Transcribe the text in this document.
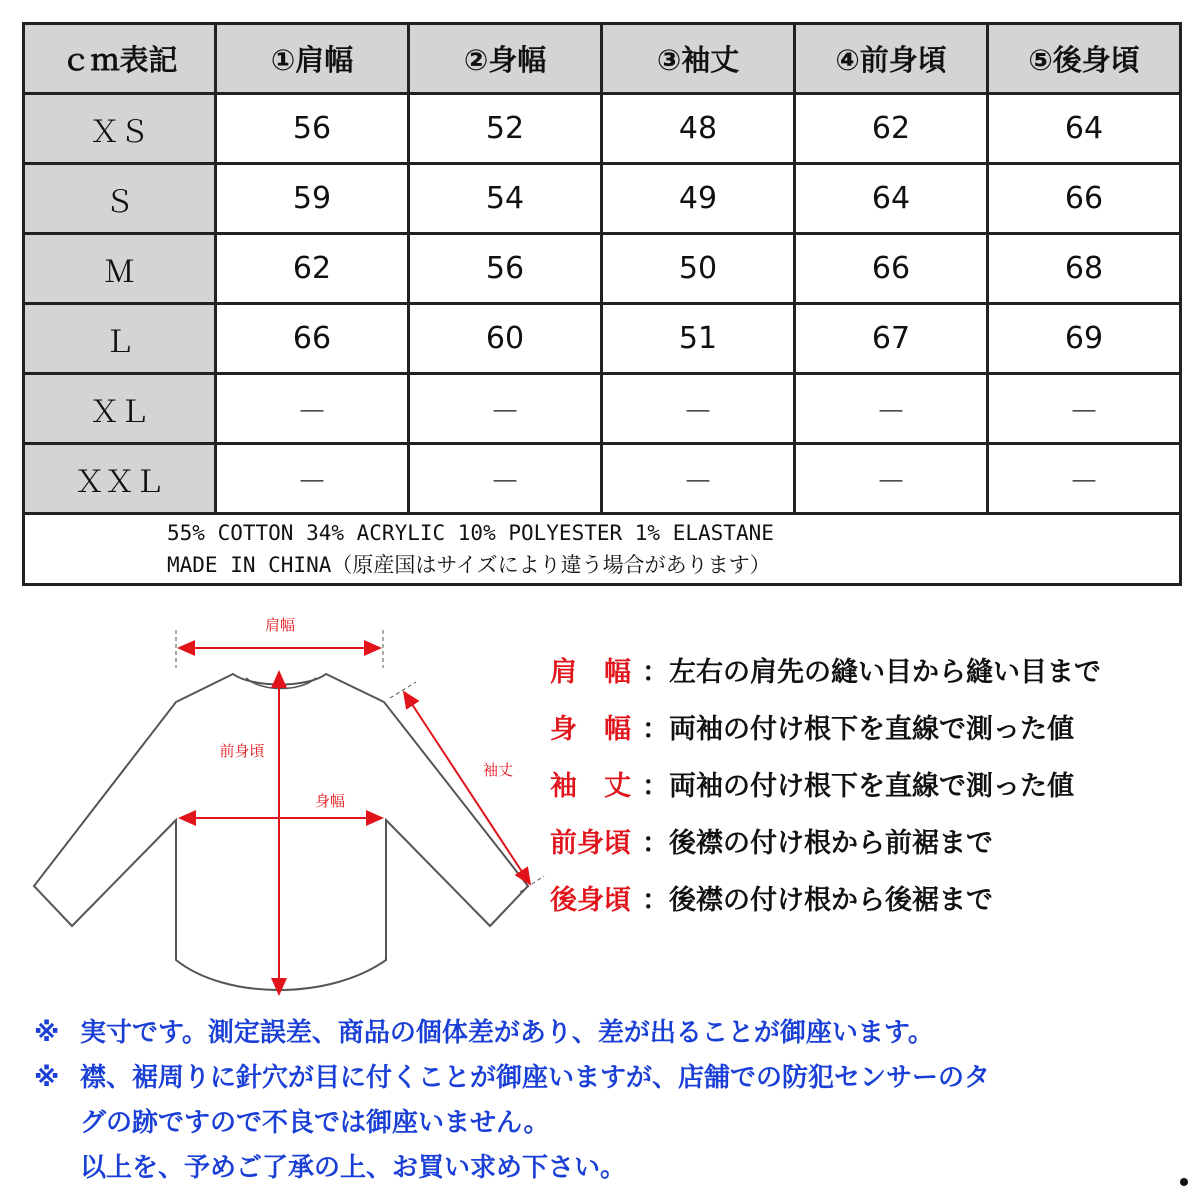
ｃｍ表記	①肩幅	②身幅	③袖丈	④前身頃	⑤後身頃
ＸＳ	56	52	48	62	64
Ｓ	59	54	49	64	66
Ｍ	62	56	50	66	68
Ｌ	66	60	51	67	69
ＸＬ	－	－	－	－	－
ＸＸＬ	－	－	－	－	－

55% COTTON 34% ACRYLIC 10% POLYESTER 1% ELASTANE
MADE IN CHINA（原産国はサイズにより違う場合があります）					
肩幅
前身頃
身幅
袖丈
肩　幅 ：左右の肩先の縫い目から縫い目まで
身　幅 ：両袖の付け根下を直線で測った値
袖　丈 ：両袖の付け根下を直線で測った値
前身頃 ：後襟の付け根から前裾まで
後身頃 ：後襟の付け根から後裾まで
※ 実寸です。測定誤差、商品の個体差があり、差が出ることが御座います。
※ 襟、裾周りに針穴が目に付くことが御座いますが、店舗での防犯センサーのタ
グの跡ですので不良では御座いません。
以上を、予めご了承の上、お買い求め下さい。
